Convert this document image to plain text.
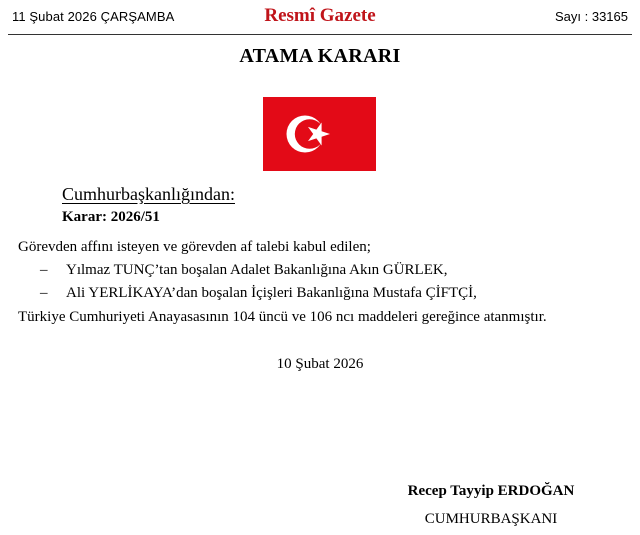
11 Şubat 2026 ÇARŞAMBA	Resmî Gazete	Sayı : 33165
ATAMA KARARI
Cumhurbaşkanlığından:
Karar: 2026/51
Görevden affını isteyen ve görevden af talebi kabul edilen;
– Yılmaz TUNÇ’tan boşalan Adalet Bakanlığına Akın GÜRLEK,
– Ali YERLİKAYA’dan boşalan İçişleri Bakanlığına Mustafa ÇİFTÇİ,
Türkiye Cumhuriyeti Anayasasının 104 üncü ve 106 ncı maddeleri gereğince atanmıştır.
10 Şubat 2026
Recep Tayyip ERDOĞAN
CUMHURBAŞKANI
